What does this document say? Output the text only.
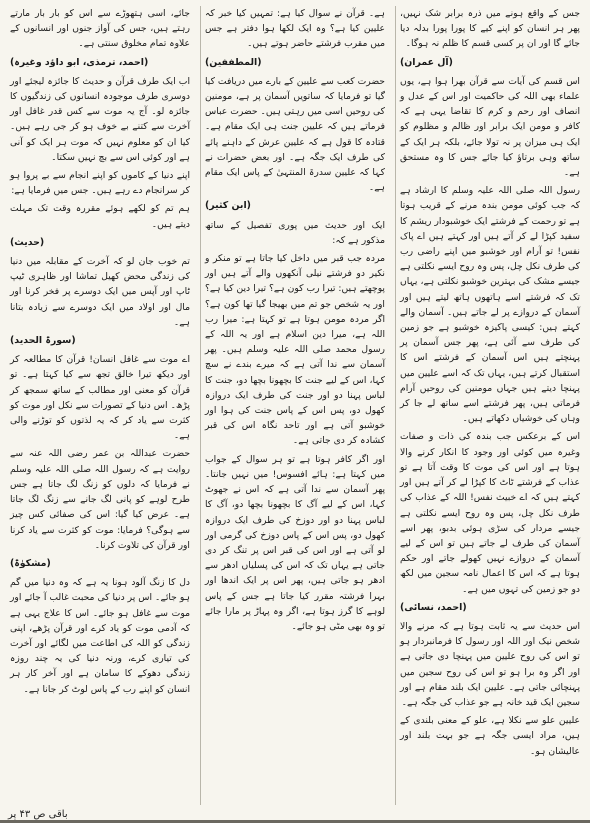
جس کے واقع ہونے میں ذرہ برابر شک نہیں، پھر ہر انسان کو اپنے کیے کا پورا پورا بدلہ دیا جائے گا اور ان پر کسی قسم کا ظلم نہ ہوگا۔

(آل عمران)

اس قسم کی آیات سے قرآن بھرا ہوا ہے، یوں علماء بھی اللہ کی حاکمیت اور اس کے عدل و انصاف اور رحم و کرم کا تقاضا یہی ہے کہ کافر و مومن ایک برابر اور ظالم و مظلوم کو ایک ہی میزان پر نہ تولا جائے، بلکہ ہر ایک کے ساتھ وہی برتاؤ کیا جائے جس کا وہ مستحق ہے۔

رسول اللہ صلی اللہ علیہ وسلم کا ارشاد ہے کہ جب کوئی مومن بندہ مرنے کے قریب ہوتا ہے تو رحمت کے فرشتے ایک خوشبودار ریشم کا سفید کپڑا لے کر آتے ہیں اور کہتے ہیں اے پاک نفس! تو آرام اور خوشبو میں اپنے راضی رب کی طرف نکل چل، پس وہ روح ایسے نکلتی ہے جیسے مشک کی بہترین خوشبو نکلتی ہے، یہاں تک کہ فرشتے اسے ہاتھوں ہاتھ لیتے ہیں اور آسمان کے دروازے پر لے جاتے ہیں۔ آسمان والے کہتے ہیں: کیسی پاکیزہ خوشبو ہے جو زمین کی طرف سے آئی ہے، پھر جس آسمان پر پہنچتے ہیں اس آسمان کے فرشتے اس کا استقبال کرتے ہیں، یہاں تک کہ اسے علیین میں پہنچا دیتے ہیں جہاں مومنین کی روحیں آرام فرماتی ہیں، پھر فرشتے اسے ساتھ لے جا کر وہاں کی خوشیاں دکھاتے ہیں۔

اس کے برعکس جب بندہ کی ذات و صفات وغیرہ میں کوئی اور وجود کا انکار کرنے والا ہوتا ہے اور اس کی موت کا وقت آتا ہے تو عذاب کے فرشتے ٹاٹ کا کپڑا لے کر آتے ہیں اور کہتے ہیں کہ اے خبیث نفس! اللہ کے عذاب کی طرف نکل چل، پس وہ روح ایسے نکلتی ہے جیسے مردار کی سڑی ہوئی بدبو، پھر اسے آسمان کی طرف لے جاتے ہیں تو اس کے لیے آسمان کے دروازے نہیں کھولے جاتے اور حکم ہوتا ہے کہ اس کا اعمال نامہ سجین میں لکھ دو جو زمین کی تہوں میں ہے۔

(احمد، نسائی)

اس حدیث سے یہ ثابت ہوتا ہے کہ مرنے والا شخص نیک اور اللہ اور رسول کا فرمانبردار ہو تو اس کی روح علیین میں پہنچا دی جاتی ہے اور اگر وہ برا ہو تو اس کی روح سجین میں پہنچائی جاتی ہے۔ علیین ایک بلند مقام ہے اور سجین ایک قید خانہ ہے جو عذاب کی جگہ ہے۔

علیین علو سے نکلا ہے، علو کے معنی بلندی کے ہیں، مراد ایسی جگہ ہے جو بہت بلند اور عالیشان ہو۔

ہے۔ قرآن نے سوال کیا ہے: تمہیں کیا خبر کہ علیین کیا ہے؟ وہ ایک لکھا ہوا دفتر ہے جس میں مقرب فرشتے حاضر ہوتے ہیں۔

(المطففین)

حضرت کعب سے علیین کے بارے میں دریافت کیا گیا تو فرمایا کہ ساتویں آسمان پر ہے، مومنین کی روحیں اسی میں رہتی ہیں۔ حضرت عباس فرماتے ہیں کہ علیین جنت ہی ایک مقام ہے۔ قتادہ کا قول ہے کہ علیین عرش کے داہنے پائے کی طرف ایک جگہ ہے۔ اور بعض حضرات نے کہا کہ علیین سدرۃ المنتہیٰ کے پاس ایک مقام ہے۔

(ابن کثیر)

ایک اور حدیث میں پوری تفصیل کے ساتھ مذکور ہے کہ:

مردہ جب قبر میں داخل کیا جاتا ہے تو منکر و نکیر دو فرشتے نیلی آنکھوں والے آتے ہیں اور پوچھتے ہیں: تیرا رب کون ہے؟ تیرا دین کیا ہے؟ اور یہ شخص جو تم میں بھیجا گیا تھا کون ہے؟ اگر مردہ مومن ہوتا ہے تو کہتا ہے: میرا رب اللہ ہے، میرا دین اسلام ہے اور یہ اللہ کے رسول محمد صلی اللہ علیہ وسلم ہیں۔ پھر آسمان سے ندا آتی ہے کہ میرے بندے نے سچ کہا، اس کے لیے جنت کا بچھونا بچھا دو، جنت کا لباس پہنا دو اور جنت کی طرف ایک دروازہ کھول دو، پس اس کے پاس جنت کی ہوا اور خوشبو آتی ہے اور تاحد نگاہ اس کی قبر کشادہ کر دی جاتی ہے۔

اور اگر کافر ہوتا ہے تو ہر سوال کے جواب میں کہتا ہے: ہائے افسوس! میں نہیں جانتا۔ پھر آسمان سے ندا آتی ہے کہ اس نے جھوٹ کہا، اس کے لیے آگ کا بچھونا بچھا دو، آگ کا لباس پہنا دو اور دوزخ کی طرف ایک دروازہ کھول دو، پس اس کے پاس دوزخ کی گرمی اور لو آتی ہے اور اس کی قبر اس پر تنگ کر دی جاتی ہے یہاں تک کہ اس کی پسلیاں ادھر سے ادھر ہو جاتی ہیں، پھر اس پر ایک اندھا اور بہرا فرشتہ مقرر کیا جاتا ہے جس کے پاس لوہے کا گرز ہوتا ہے، اگر وہ پہاڑ پر مارا جائے تو وہ بھی مٹی ہو جائے۔

جائے، اسی ہتھوڑے سے اس کو بار بار مارتے رہتے ہیں، جس کی آواز جنوں اور انسانوں کے علاوہ تمام مخلوق سنتی ہے۔

(احمد، ترمذی، ابو داؤد وغیرہ)

اب ایک طرف قرآن و حدیث کا جائزہ لیجئے اور دوسری طرف موجودہ انسانوں کی زندگیوں کا جائزہ لو۔ آج یہ موت سے کس قدر غافل اور آخرت سے کتنے بے خوف ہو کر جی رہے ہیں۔ کیا ان کو معلوم نہیں کہ موت ہر ایک کو آنی ہے اور کوئی اس سے بچ نہیں سکتا۔

اپنے دنیا کے کاموں کو اپنے انجام سے بے پروا ہو کر سرانجام دے رہے ہیں۔ جس میں فرمایا ہے:

ہم تم کو لکھے ہوئے مقررہ وقت تک مہلت دیتے ہیں۔

(حدیث)

تم خوب جان لو کہ آخرت کے مقابلہ میں دنیا کی زندگی محض کھیل تماشا اور ظاہری ٹیپ ٹاپ اور آپس میں ایک دوسرے پر فخر کرنا اور مال اور اولاد میں ایک دوسرے سے زیادہ بتانا ہے۔

(سورۃ الحدید)

اے موت سے غافل انسان! قرآن کا مطالعہ کر اور دیکھ تیرا خالق تجھ سے کیا کہتا ہے۔ تو قرآن کو معنی اور مطالب کے ساتھ سمجھ کر پڑھ۔ اس دنیا کے تصورات سے نکل اور موت کو کثرت سے یاد کر کہ یہ لذتوں کو توڑنے والی ہے۔

حضرت عبداللہ بن عمر رضی اللہ عنہ سے روایت ہے کہ رسول اللہ صلی اللہ علیہ وسلم نے فرمایا کہ دلوں کو زنگ لگ جاتا ہے جس طرح لوہے کو پانی لگ جانے سے زنگ لگ جاتا ہے۔ عرض کیا گیا: اس کی صفائی کس چیز سے ہوگی؟ فرمایا: موت کو کثرت سے یاد کرنا اور قرآن کی تلاوت کرنا۔

(مشکوٰۃ)

دل کا زنگ آلود ہونا یہ ہے کہ وہ دنیا میں گم ہو جائے۔ اس پر دنیا کی محبت غالب آ جائے اور موت سے غافل ہو جائے۔ اس کا علاج یہی ہے کہ آدمی موت کو یاد کرے اور قرآن پڑھے، اپنی زندگی کو اللہ کی اطاعت میں لگائے اور آخرت کی تیاری کرے، ورنہ دنیا کی یہ چند روزہ زندگی دھوکے کا سامان ہے اور آخر کار ہر انسان کو اپنے رب کے پاس لوٹ کر جانا ہے۔

باقی ص ۴۳ پر
